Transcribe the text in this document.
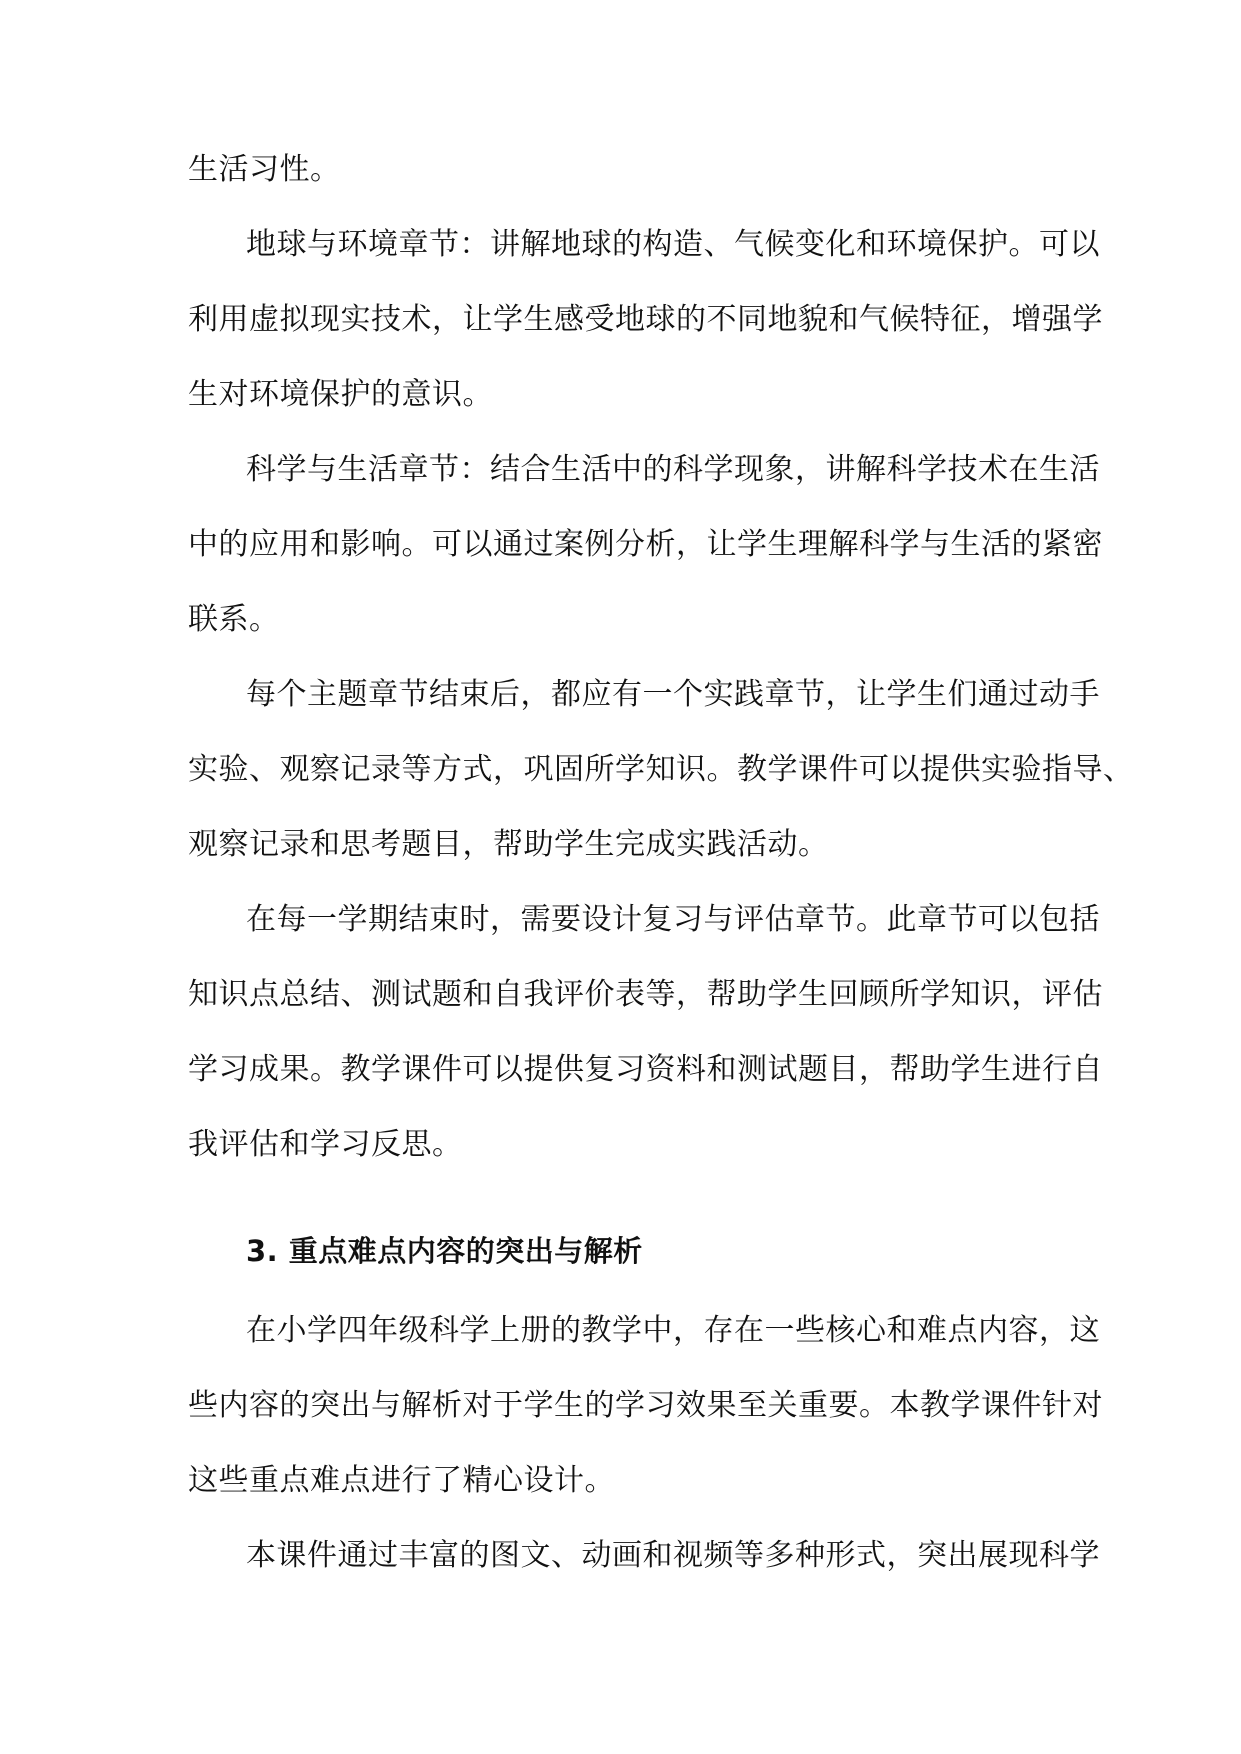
生活习性。
地球与环境章节：讲解地球的构造、气候变化和环境保护。可以
利用虚拟现实技术，让学生感受地球的不同地貌和气候特征，增强学
生对环境保护的意识。
科学与生活章节：结合生活中的科学现象，讲解科学技术在生活
中的应用和影响。可以通过案例分析，让学生理解科学与生活的紧密
联系。
每个主题章节结束后，都应有一个实践章节，让学生们通过动手
实验、观察记录等方式，巩固所学知识。教学课件可以提供实验指导、
观察记录和思考题目，帮助学生完成实践活动。
在每一学期结束时，需要设计复习与评估章节。此章节可以包括
知识点总结、测试题和自我评价表等，帮助学生回顾所学知识，评估
学习成果。教学课件可以提供复习资料和测试题目，帮助学生进行自
我评估和学习反思。
3. 重点难点内容的突出与解析
在小学四年级科学上册的教学中，存在一些核心和难点内容，这
些内容的突出与解析对于学生的学习效果至关重要。本教学课件针对
这些重点难点进行了精心设计。
本课件通过丰富的图文、动画和视频等多种形式，突出展现科学
